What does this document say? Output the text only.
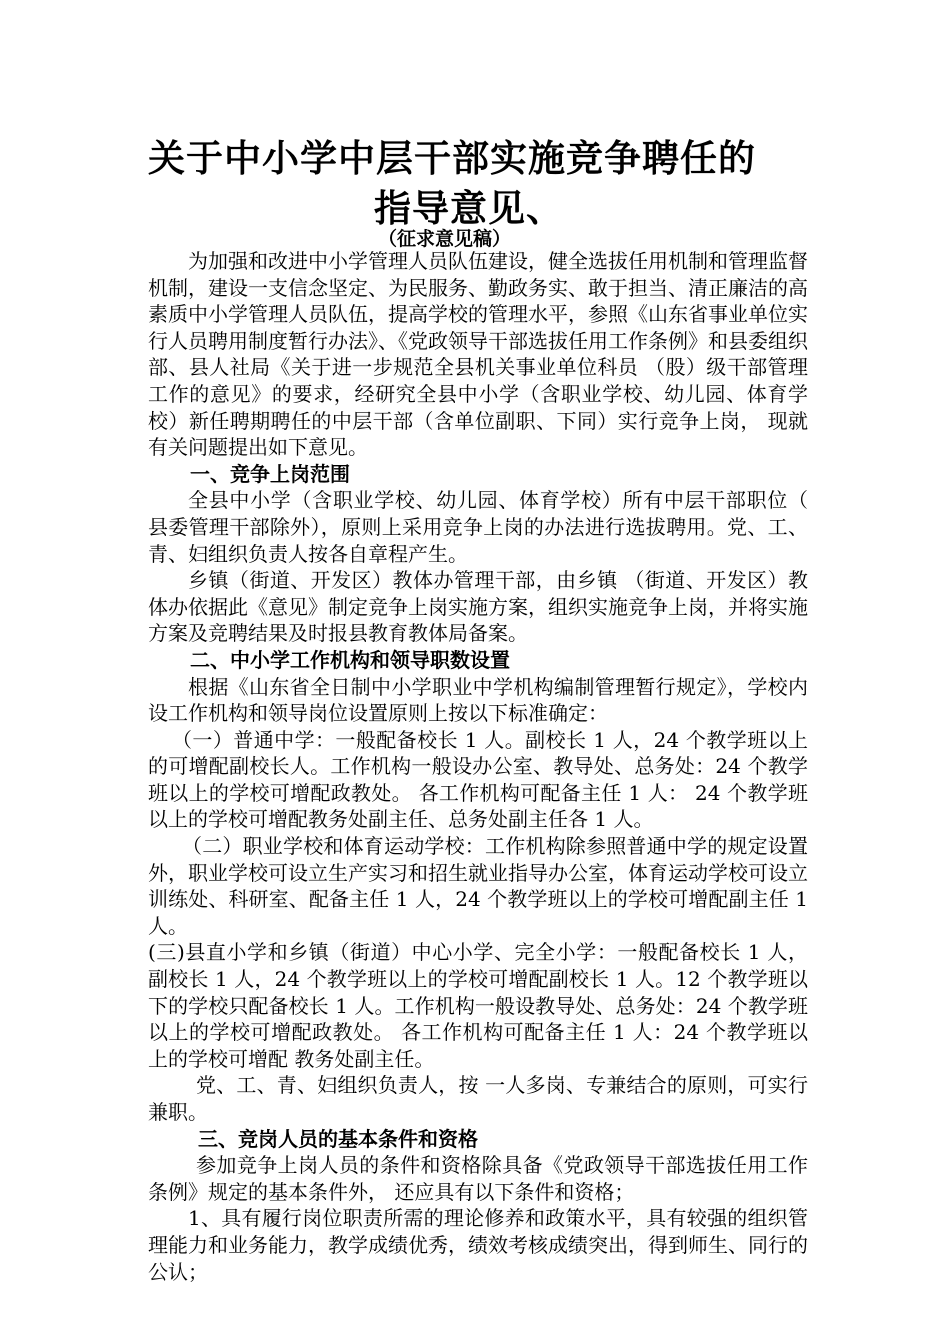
关于中小学中层干部实施竞争聘任的
指导意见、
（征求意见稿）

为加强和改进中小学管理人员队伍建设，健全选拔任用机制和管理监督机制，建设一支信念坚定、为民服务、勤政务实、敢于担当、清正廉洁的高素质中小学管理人员队伍，提高学校的管理水平，参照《山东省事业单位实行人员聘用制度暂行办法》、《党政领导干部选拔任用工作条例》和县委组织部、县人社局《关于进一步规范全县机关事业单位科员 （股）级干部管理工作的意见》的要求，经研究全县中小学（含职业学校、幼儿园、体育学校）新任聘期聘任的中层干部（含单位副职、下同）实行竞争上岗， 现就有关问题提出如下意见。

一、竞争上岗范围

全县中小学（含职业学校、幼儿园、体育学校）所有中层干部职位（ 县委管理干部除外），原则上采用竞争上岗的办法进行选拔聘用。党、工、青、妇组织负责人按各自章程产生。

乡镇（街道、开发区）教体办管理干部，由乡镇 （街道、开发区）教体办依据此《意见》制定竞争上岗实施方案，组织实施竞争上岗，并将实施方案及竞聘结果及时报县教育教体局备案。

二、中小学工作机构和领导职数设置

根据《山东省全日制中小学职业中学机构编制管理暂行规定》，学校内设工作机构和领导岗位设置原则上按以下标准确定：

（一）普通中学：一般配备校长 1 人。副校长 1 人，24 个教学班以上的可增配副校长人。工作机构一般设办公室、教导处、总务处：24 个教学班以上的学校可增配政教处。 各工作机构可配备主任 1 人： 24 个教学班以上的学校可增配教务处副主任、总务处副主任各 1 人。

（二）职业学校和体育运动学校：工作机构除参照普通中学的规定设置外，职业学校可设立生产实习和招生就业指导办公室，体育运动学校可设立训练处、科研室、配备主任 1 人，24 个教学班以上的学校可增配副主任 1 人。

(三)县直小学和乡镇（街道）中心小学、完全小学：一般配备校长 1 人，副校长 1 人，24 个教学班以上的学校可增配副校长 1 人。12 个教学班以下的学校只配备校长 1 人。工作机构一般设教导处、总务处：24 个教学班以上的学校可增配政教处。 各工作机构可配备主任 1 人：24 个教学班以上的学校可增配 教务处副主任。

党、工、青、妇组织负责人，按 一人多岗、专兼结合的原则，可实行兼职。

三、竞岗人员的基本条件和资格

参加竞争上岗人员的条件和资格除具备《党政领导干部选拔任用工作条例》规定的基本条件外， 还应具有以下条件和资格；

1、具有履行岗位职责所需的理论修养和政策水平，具有较强的组织管理能力和业务能力，教学成绩优秀，绩效考核成绩突出，得到师生、同行的公认；
